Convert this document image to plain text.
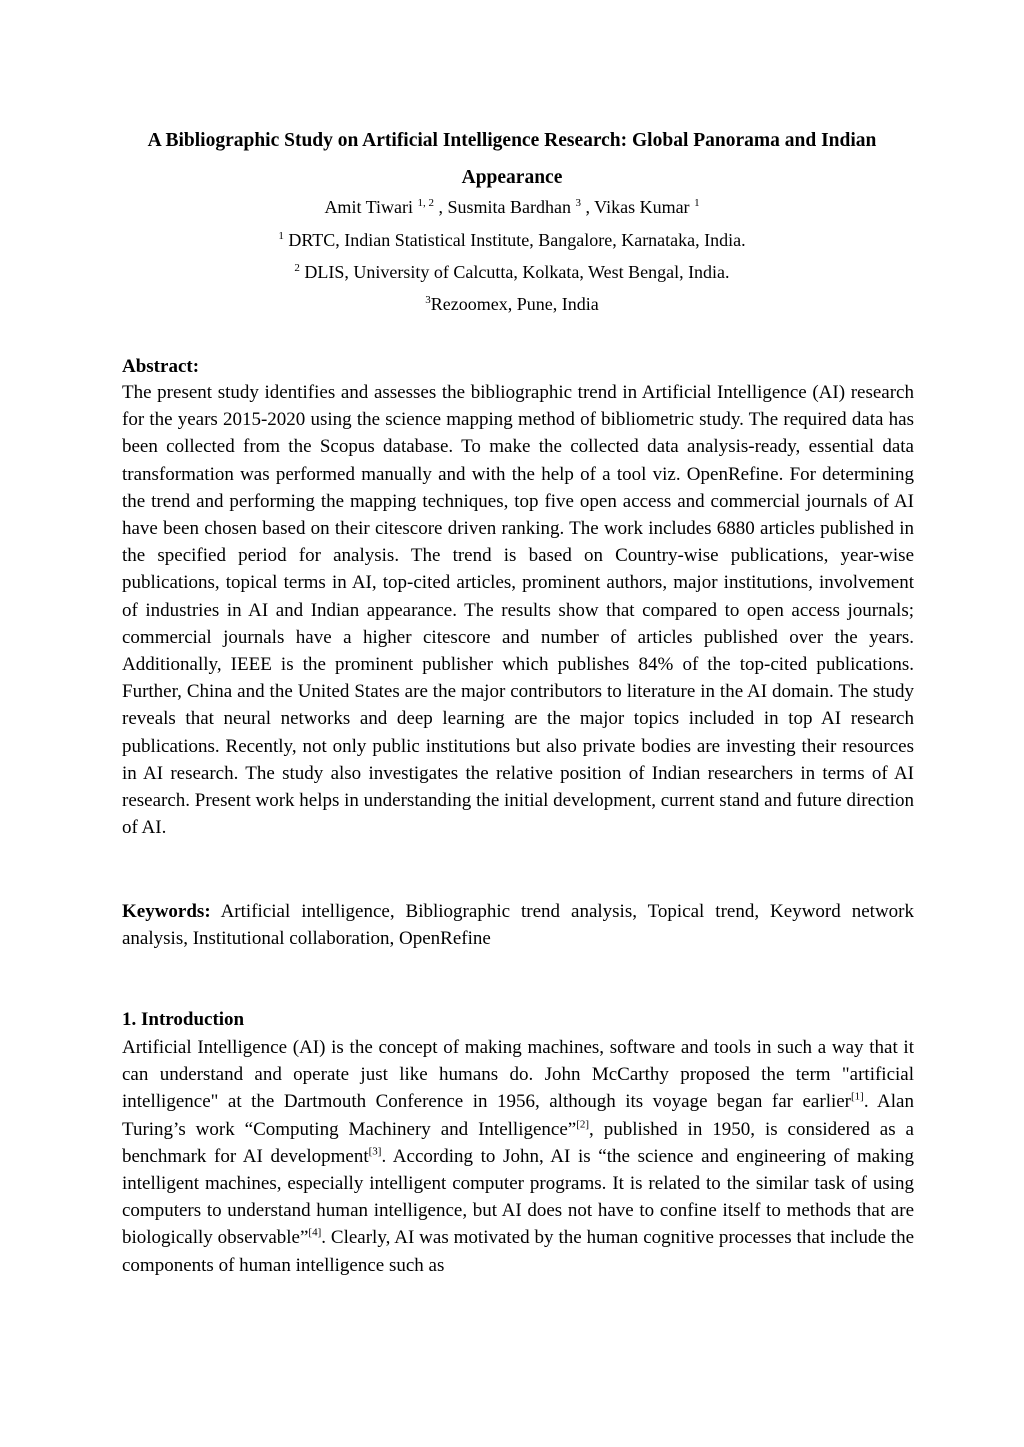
A Bibliographic Study on Artificial Intelligence Research: Global Panorama and Indian Appearance
Amit Tiwari $^{1, 2}$ , Susmita Bardhan $^3$ , Vikas Kumar $^1$
$^1$ DRTC, Indian Statistical Institute, Bangalore, Karnataka, India.
$^2$ DLIS, University of Calcutta, Kolkata, West Bengal, India.
$^3$Rezoomex, Pune, India
Abstract:
The present study identifies and assesses the bibliographic trend in Artificial Intelligence (AI) research for the years 2015-2020 using the science mapping method of bibliometric study. The required data has been collected from the Scopus database. To make the collected data analysis-ready, essential data transformation was performed manually and with the help of a tool viz. OpenRefine. For determining the trend and performing the mapping techniques, top five open access and commercial journals of AI have been chosen based on their citescore driven ranking. The work includes 6880 articles published in the specified period for analysis. The trend is based on Country-wise publications, year-wise publications, topical terms in AI, top-cited articles, prominent authors, major institutions, involvement of industries in AI and Indian appearance. The results show that compared to open access journals; commercial journals have a higher citescore and number of articles published over the years. Additionally, IEEE is the prominent publisher which publishes 84% of the top-cited publications. Further, China and the United States are the major contributors to literature in the AI domain. The study reveals that neural networks and deep learning are the major topics included in top AI research publications. Recently, not only public institutions but also private bodies are investing their resources in AI research. The study also investigates the relative position of Indian researchers in terms of AI research. Present work helps in understanding the initial development, current stand and future direction of AI.
Keywords: Artificial intelligence, Bibliographic trend analysis, Topical trend, Keyword network analysis, Institutional collaboration, OpenRefine
1. Introduction
Artificial Intelligence (AI) is the concept of making machines, software and tools in such a way that it can understand and operate just like humans do. John McCarthy proposed the term "artificial intelligence" at the Dartmouth Conference in 1956, although its voyage began far earlier[1]. Alan Turing’s work “Computing Machinery and Intelligence”[2], published in 1950, is considered as a benchmark for AI development[3]. According to John, AI is “the science and engineering of making intelligent machines, especially intelligent computer programs. It is related to the similar task of using computers to understand human intelligence, but AI does not have to confine itself to methods that are biologically observable”[4]. Clearly, AI was motivated by the human cognitive processes that include the components of human intelligence such as
